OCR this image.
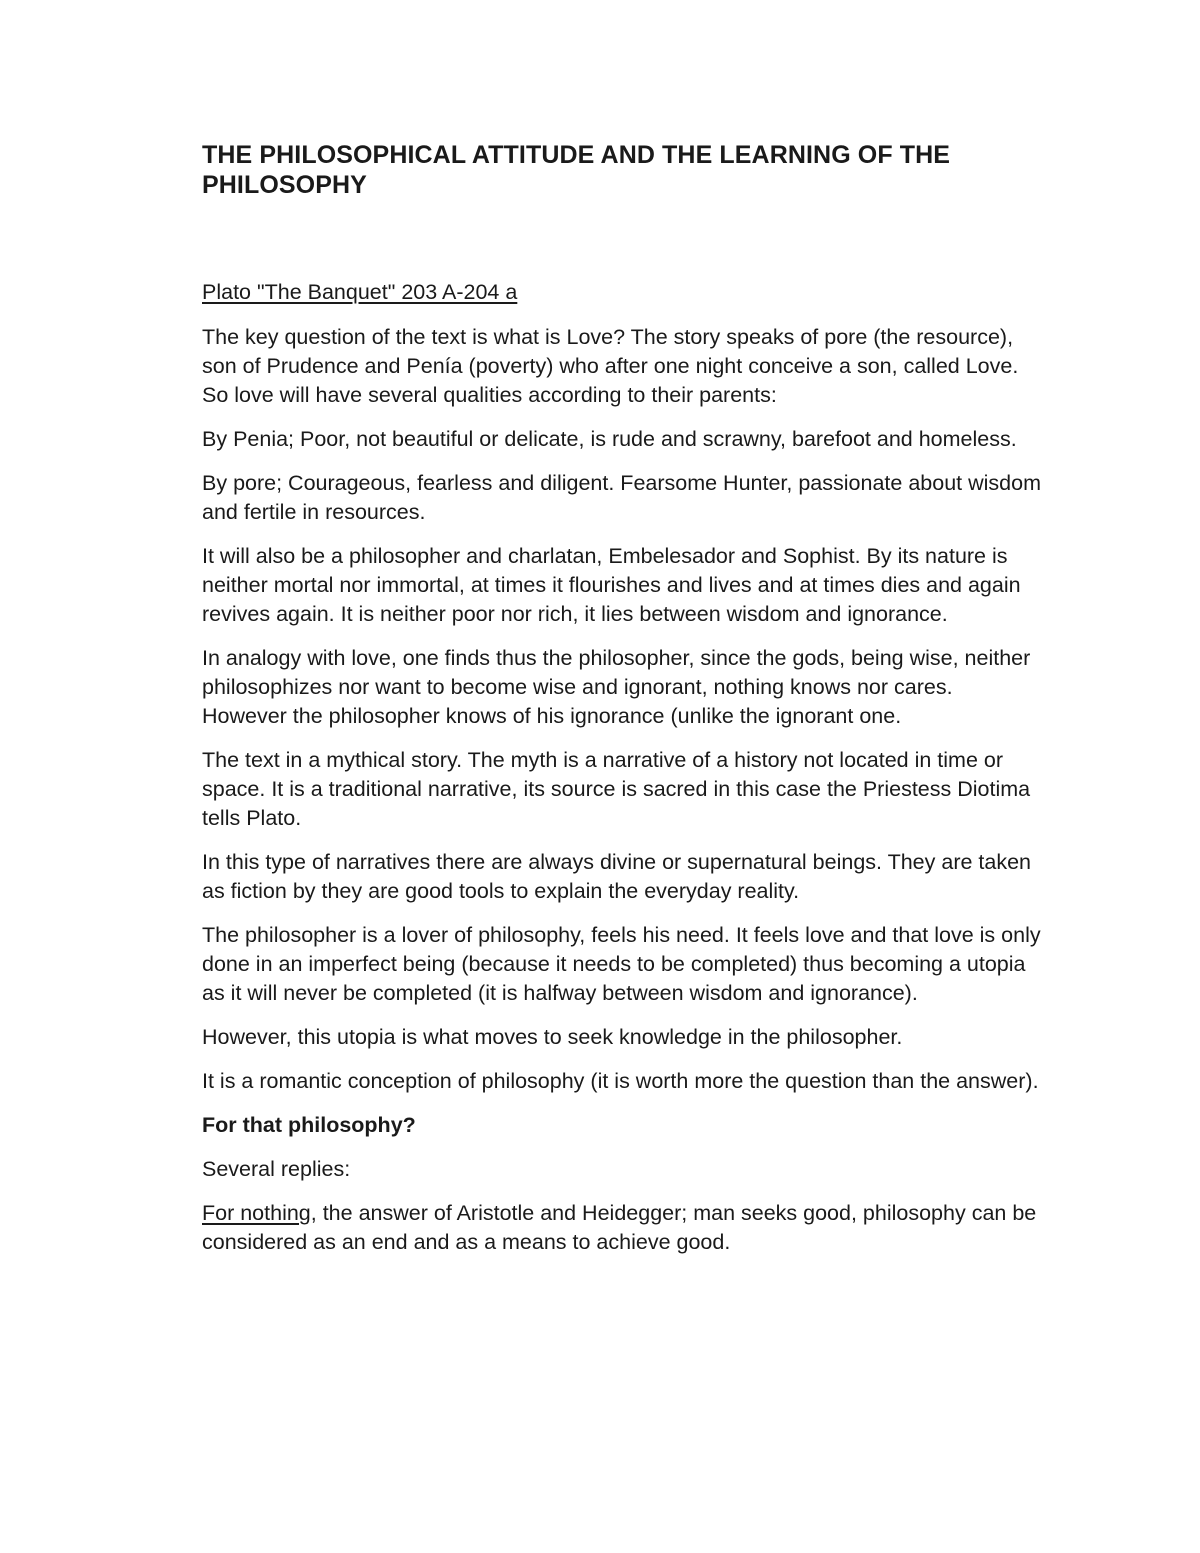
THE PHILOSOPHICAL ATTITUDE AND THE LEARNING OF THE PHILOSOPHY
Plato "The Banquet" 203 A-204 a

The key question of the text is what is Love? The story speaks of pore (the resource), son of Prudence and Penía (poverty) who after one night conceive a son, called Love. So love will have several qualities according to their parents:

By Penia; Poor, not beautiful or delicate, is rude and scrawny, barefoot and homeless.

By pore; Courageous, fearless and diligent. Fearsome Hunter, passionate about wisdom and fertile in resources.

It will also be a philosopher and charlatan, Embelesador and Sophist. By its nature is neither mortal nor immortal, at times it flourishes and lives and at times dies and again revives again. It is neither poor nor rich, it lies between wisdom and ignorance.

In analogy with love, one finds thus the philosopher, since the gods, being wise, neither philosophizes nor want to become wise and ignorant, nothing knows nor cares. However the philosopher knows of his ignorance (unlike the ignorant one.

The text in a mythical story. The myth is a narrative of a history not located in time or space. It is a traditional narrative, its source is sacred in this case the Priestess Diotima tells Plato.

In this type of narratives there are always divine or supernatural beings. They are taken as fiction by they are good tools to explain the everyday reality.

The philosopher is a lover of philosophy, feels his need. It feels love and that love is only done in an imperfect being (because it needs to be completed) thus becoming a utopia as it will never be completed (it is halfway between wisdom and ignorance).

However, this utopia is what moves to seek knowledge in the philosopher.

It is a romantic conception of philosophy (it is worth more the question than the answer).

For that philosophy?

Several replies:

For nothing, the answer of Aristotle and Heidegger; man seeks good, philosophy can be considered as an end and as a means to achieve good.
